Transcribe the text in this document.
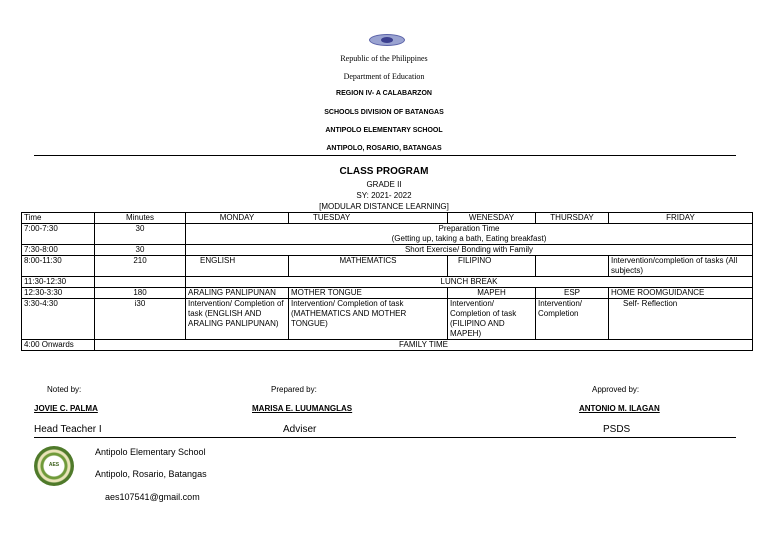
Republic of the Philippines
Department of Education
REGION IV- A CALABARZON
SCHOOLS DIVISION OF BATANGAS
ANTIPOLO ELEMENTARY SCHOOL
ANTIPOLO, ROSARIO, BATANGAS
CLASS PROGRAM
GRADE II
SY: 2021- 2022
[MODULAR DISTANCE LEARNING]
Time	Minutes	MONDAY	TUESDAY	WENESDAY	THURSDAY	FRIDAY
7:00-7:30	30	Preparation Time
(Getting up, taking a bath, Eating breakfast)				

7:30-8:00	30	Short Exercise/ Bonding with Family				
8:00-11:30	210	ENGLISH	MATHEMATICS	FILIPINO		Intervention/completion of tasks (All subjects)
11:30-12:30		LUNCH BREAK				
12:30-3:30	180	ARALING PANLIPUNAN	MOTHER TONGUE	MAPEH	ESP	HOME ROOMGUIDANCE
3:30-4:30	i30	Intervention/ Completion of task (ENGLISH AND ARALING PANLIPUNAN)	Intervention/ Completion of task (MATHEMATICS AND MOTHER TONGUE)	Intervention/ Completion of task (FILIPINO AND MAPEH)	Intervention/ Completion	Self- Reflection
4:00 Onwards	FAMILY TIME					
Noted by:
JOVIE C. PALMA
Head Teacher I
Prepared by:
MARISA E. LUUMANGLAS
Adviser
Approved by:
ANTONIO M. ILAGAN
PSDS
AES
Antipolo Elementary School
Antipolo, Rosario, Batangas
aes107541@gmail.com
